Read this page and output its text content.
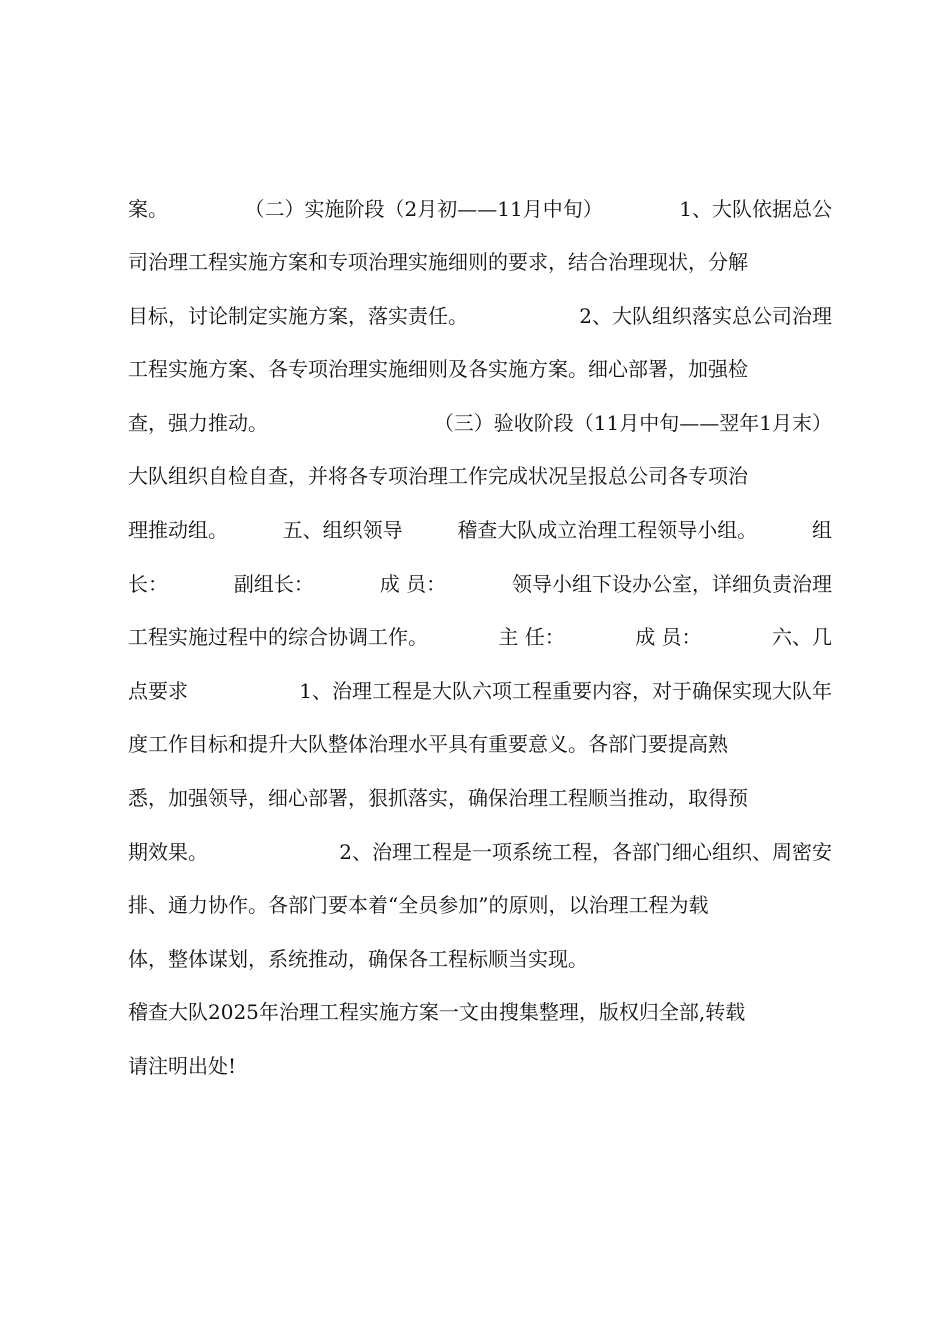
案。	（二）实施阶段（2月初——11月中旬）	1、大队依据总公
司治理工程实施方案和专项治理实施细则的要求，结合治理现状，分解
目标，讨论制定实施方案，落实责任。	2、大队组织落实总公司治理
工程实施方案、各专项治理实施细则及各实施方案。细心部署，加强检
查，强力推动。	（三）验收阶段（11月中旬——翌年1月末）
大队组织自检自查，并将各专项治理工作完成状况呈报总公司各专项治
理推动组。	五、组织领导	稽查大队成立治理工程领导小组。	组
长：	副组长：	成 员：	领导小组下设办公室，详细负责治理
工程实施过程中的综合协调工作。	主 任：	成 员：	六、几
点要求	1、治理工程是大队六项工程重要内容，对于确保实现大队年
度工作目标和提升大队整体治理水平具有重要意义。各部门要提高熟
悉，加强领导，细心部署，狠抓落实，确保治理工程顺当推动，取得预
期效果。	2、治理工程是一项系统工程，各部门细心组织、周密安
排、通力协作。各部门要本着“全员参加”的原则，以治理工程为载
体，整体谋划，系统推动，确保各工程标顺当实现。
稽查大队2025年治理工程实施方案一文由搜集整理，版权归全部,转载
请注明出处!
